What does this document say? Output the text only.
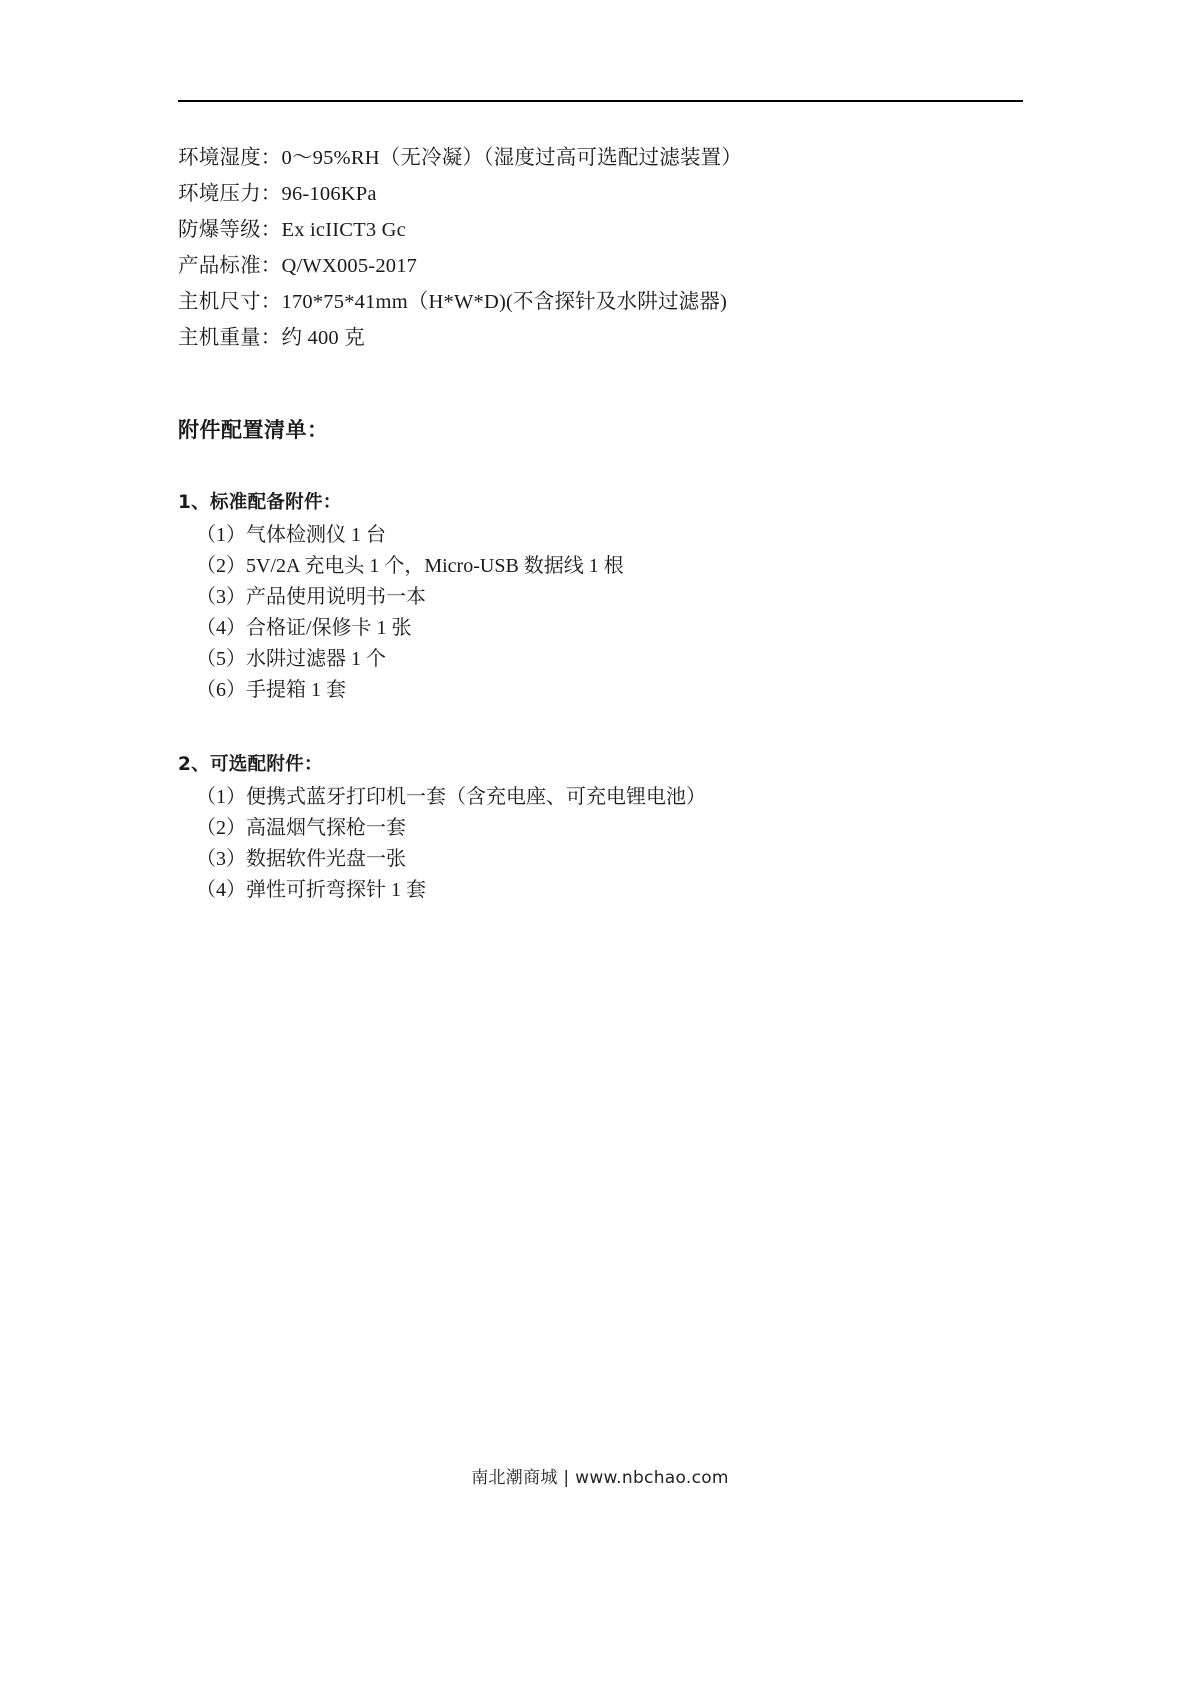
环境湿度：0～95%RH（无冷凝）（湿度过高可选配过滤装置）
环境压力：96-106KPa
防爆等级：Ex icIICT3 Gc
产品标准：Q/WX005-2017
主机尺寸：170*75*41mm（H*W*D)(不含探针及水阱过滤器)
主机重量：约 400 克
附件配置清单：
1、标准配备附件：
（1）气体检测仪 1 台
（2）5V/2A 充电头 1 个，Micro-USB 数据线 1 根
（3）产品使用说明书一本
（4）合格证/保修卡 1 张
（5）水阱过滤器 1 个
（6）手提箱 1 套
2、可选配附件：
（1）便携式蓝牙打印机一套（含充电座、可充电锂电池）
（2）高温烟气探枪一套
（3）数据软件光盘一张
（4）弹性可折弯探针 1 套
南北潮商城 | www.nbchao.com
